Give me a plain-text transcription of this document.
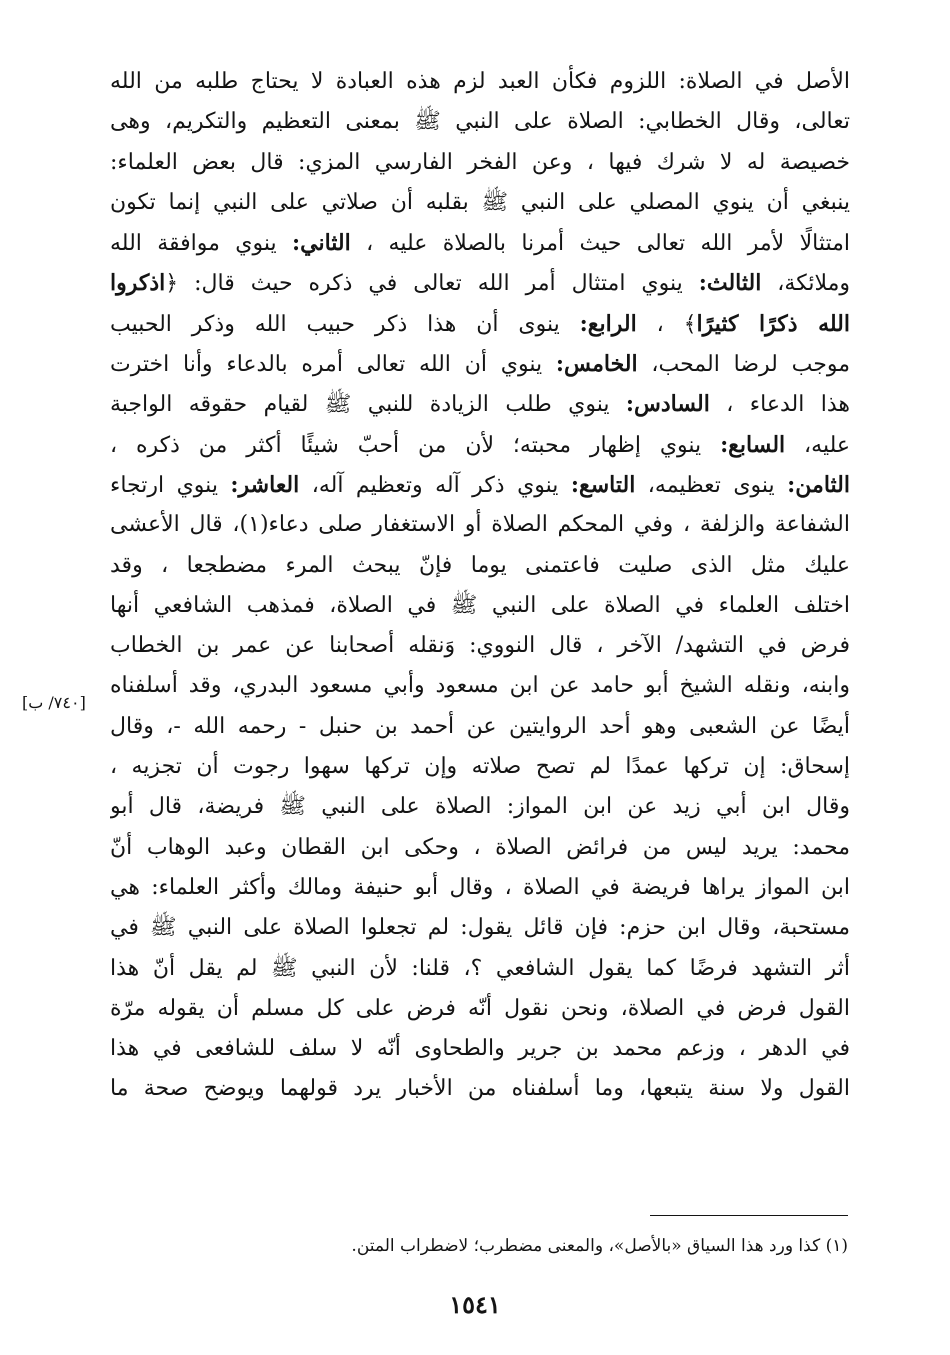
الأصل في الصلاة: اللزوم فكأن العبد لزم هذه العبادة لا يحتاج طلبه من الله
تعالى، وقال الخطابي: الصلاة على النبي ﷺ بمعنى التعظيم والتكريم، وهى
خصيصة له لا شرك فيها ، وعن الفخر الفارسي المزي: قال بعض العلماء:
ينبغي أن ينوي المصلي على النبي ﷺ بقلبه أن صلاتي على النبي إنما تكون
امتثالًا لأمر الله تعالى حيث أمرنا بالصلاة عليه ، الثاني: ينوي موافقة الله
وملائكة، الثالث: ينوي امتثال أمر الله تعالى في ذكره حيث قال: ﴿اذكروا
الله ذكرًا كثيرًا﴾ ، الرابع: ينوى أن هذا ذكر حبيب الله وذكر الحبيب
موجب لرضا المحب، الخامس: ينوي أن الله تعالى أمره بالدعاء وأنا اخترت
هذا الدعاء ، السادس: ينوي طلب الزيادة للنبي ﷺ لقيام حقوقه الواجبة
عليه، السابع: ينوي إظهار محبته؛ لأن من أحبّ شيئًا أكثر من ذكره ،
الثامن: ينوى تعظيمه، التاسع: ينوي ذكر آله وتعظيم آله، العاشر: ينوي ارتجاء
الشفاعة والزلفة ، وفي المحكم الصلاة أو الاستغفار صلى دعاء(١)، قال الأعشى
عليك مثل الذى صليت فاعتمنى يوما فإنّ يبحث المرء مضطجعا ، وقد
اختلف العلماء في الصلاة على النبي ﷺ في الصلاة، فمذهب الشافعي أنها
فرض في التشهد/ الآخر ، قال النووي: وَنقله أصحابنا عن عمر بن الخطاب
وابنه، ونقله الشيخ أبو حامد عن ابن مسعود وأبي مسعود البدري، وقد أسلفناه
أيضًا عن الشعبى وهو أحد الروايتين عن أحمد بن حنبل - رحمه الله -، وقال
إسحاق: إن تركها عمدًا لم تصح صلاته وإن تركها سهوا رجوت أن تجزيه ،
وقال ابن أبي زيد عن ابن المواز: الصلاة على النبي ﷺ فريضة، قال أبو
محمد: يريد ليس من فرائض الصلاة ، وحكى ابن القطان وعبد الوهاب أنّ
ابن المواز يراها فريضة في الصلاة ، وقال أبو حنيفة ومالك وأكثر العلماء: هي
مستحبة، وقال ابن حزم: فإن قائل يقول: لم تجعلوا الصلاة على النبي ﷺ في
أثر التشهد فرضًا كما يقول الشافعي ؟، قلنا: لأن النبي ﷺ لم يقل أنّ هذا
القول فرض في الصلاة، ونحن نقول أنّه فرض على كل مسلم أن يقوله مرّة
في الدهر ، وزعم محمد بن جرير والطحاوى أنّه لا سلف للشافعى في هذا
القول ولا سنة يتبعها، وما أسلفناه من الأخبار يرد قولهما ويوضح صحة ما
[٧٤٠/ ب]
(١) كذا ورد هذا السياق «بالأصل»، والمعنى مضطرب؛ لاضطراب المتن.
١٥٤١
